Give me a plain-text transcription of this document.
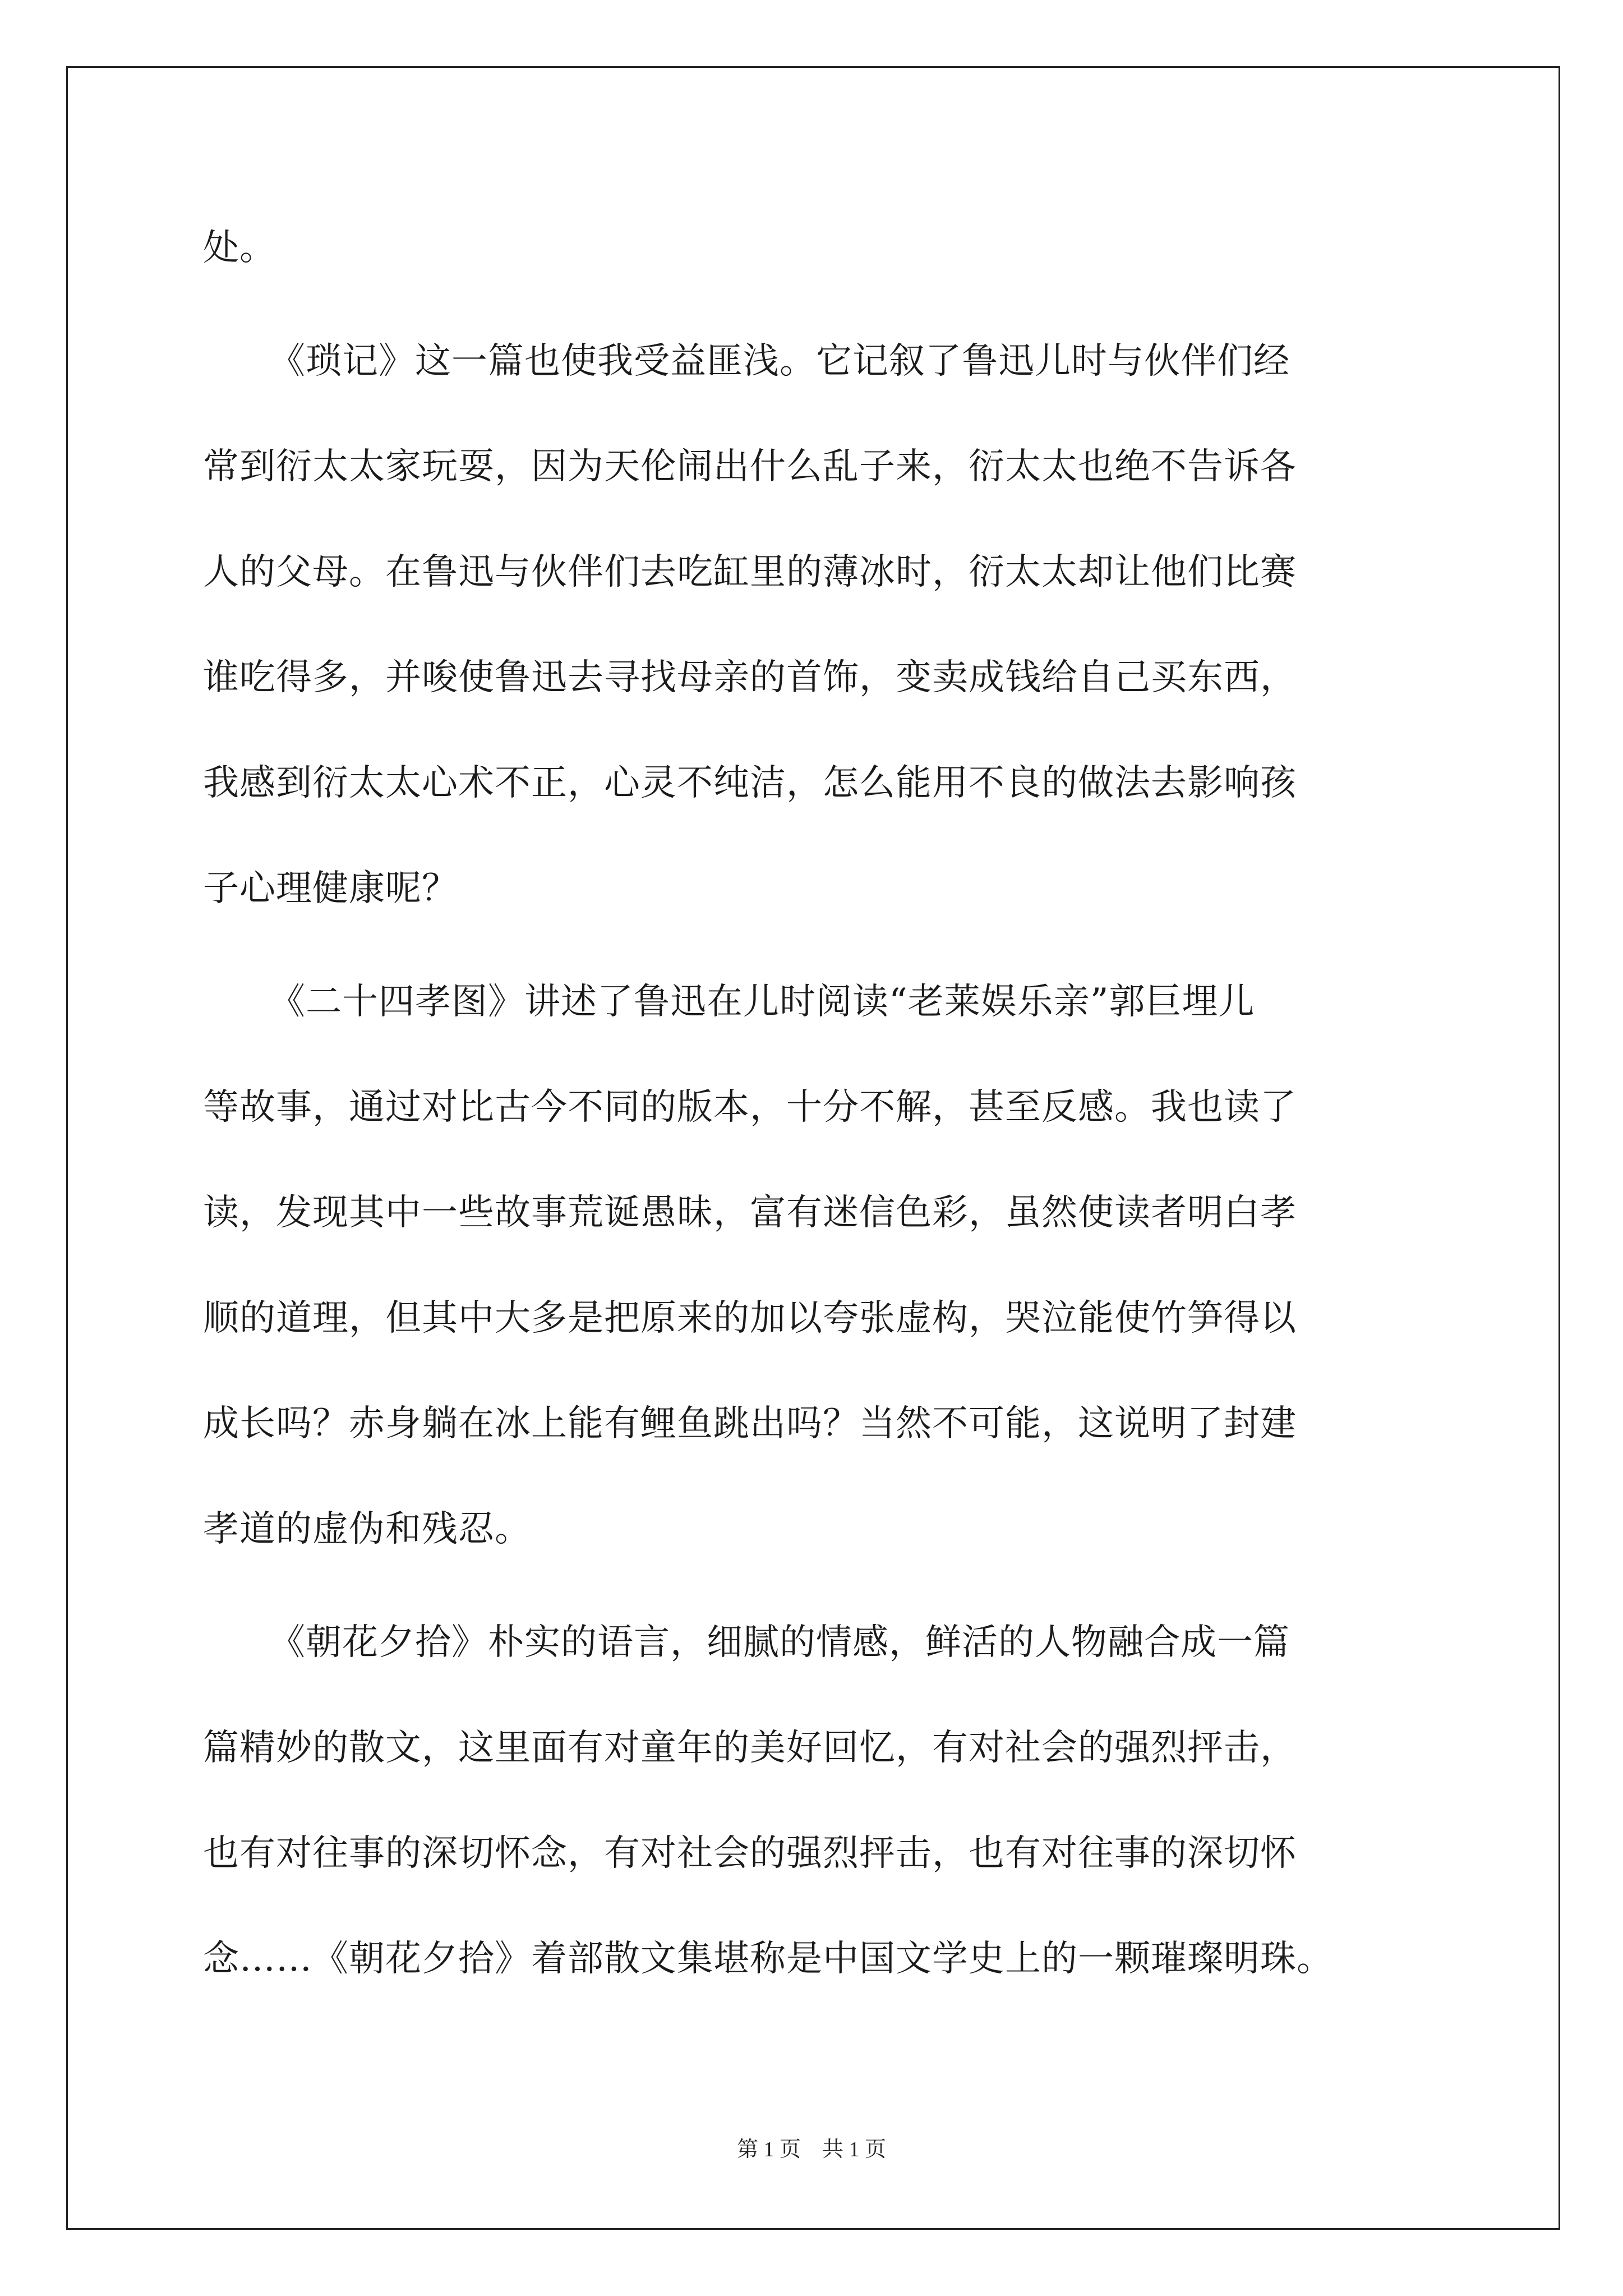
处。
《琐记》这一篇也使我受益匪浅。它记叙了鲁迅儿时与伙伴们经
常到衍太太家玩耍，因为天伦闹出什么乱子来，衍太太也绝不告诉各
人的父母。在鲁迅与伙伴们去吃缸里的薄冰时，衍太太却让他们比赛
谁吃得多，并唆使鲁迅去寻找母亲的首饰，变卖成钱给自己买东西，
我感到衍太太心术不正，心灵不纯洁，怎么能用不良的做法去影响孩
子心理健康呢？
《二十四孝图》讲述了鲁迅在儿时阅读“老莱娱乐亲”郭巨埋儿
等故事，通过对比古今不同的版本，十分不解，甚至反感。我也读了
读，发现其中一些故事荒诞愚昧，富有迷信色彩，虽然使读者明白孝
顺的道理，但其中大多是把原来的加以夸张虚构，哭泣能使竹笋得以
成长吗？赤身躺在冰上能有鲤鱼跳出吗？当然不可能，这说明了封建
孝道的虚伪和残忍。
《朝花夕拾》朴实的语言，细腻的情感，鲜活的人物融合成一篇
篇精妙的散文，这里面有对童年的美好回忆，有对社会的强烈抨击，
也有对往事的深切怀念，有对社会的强烈抨击，也有对往事的深切怀
念……《朝花夕拾》着部散文集堪称是中国文学史上的一颗璀璨明珠。
第 1 页　共 1 页
